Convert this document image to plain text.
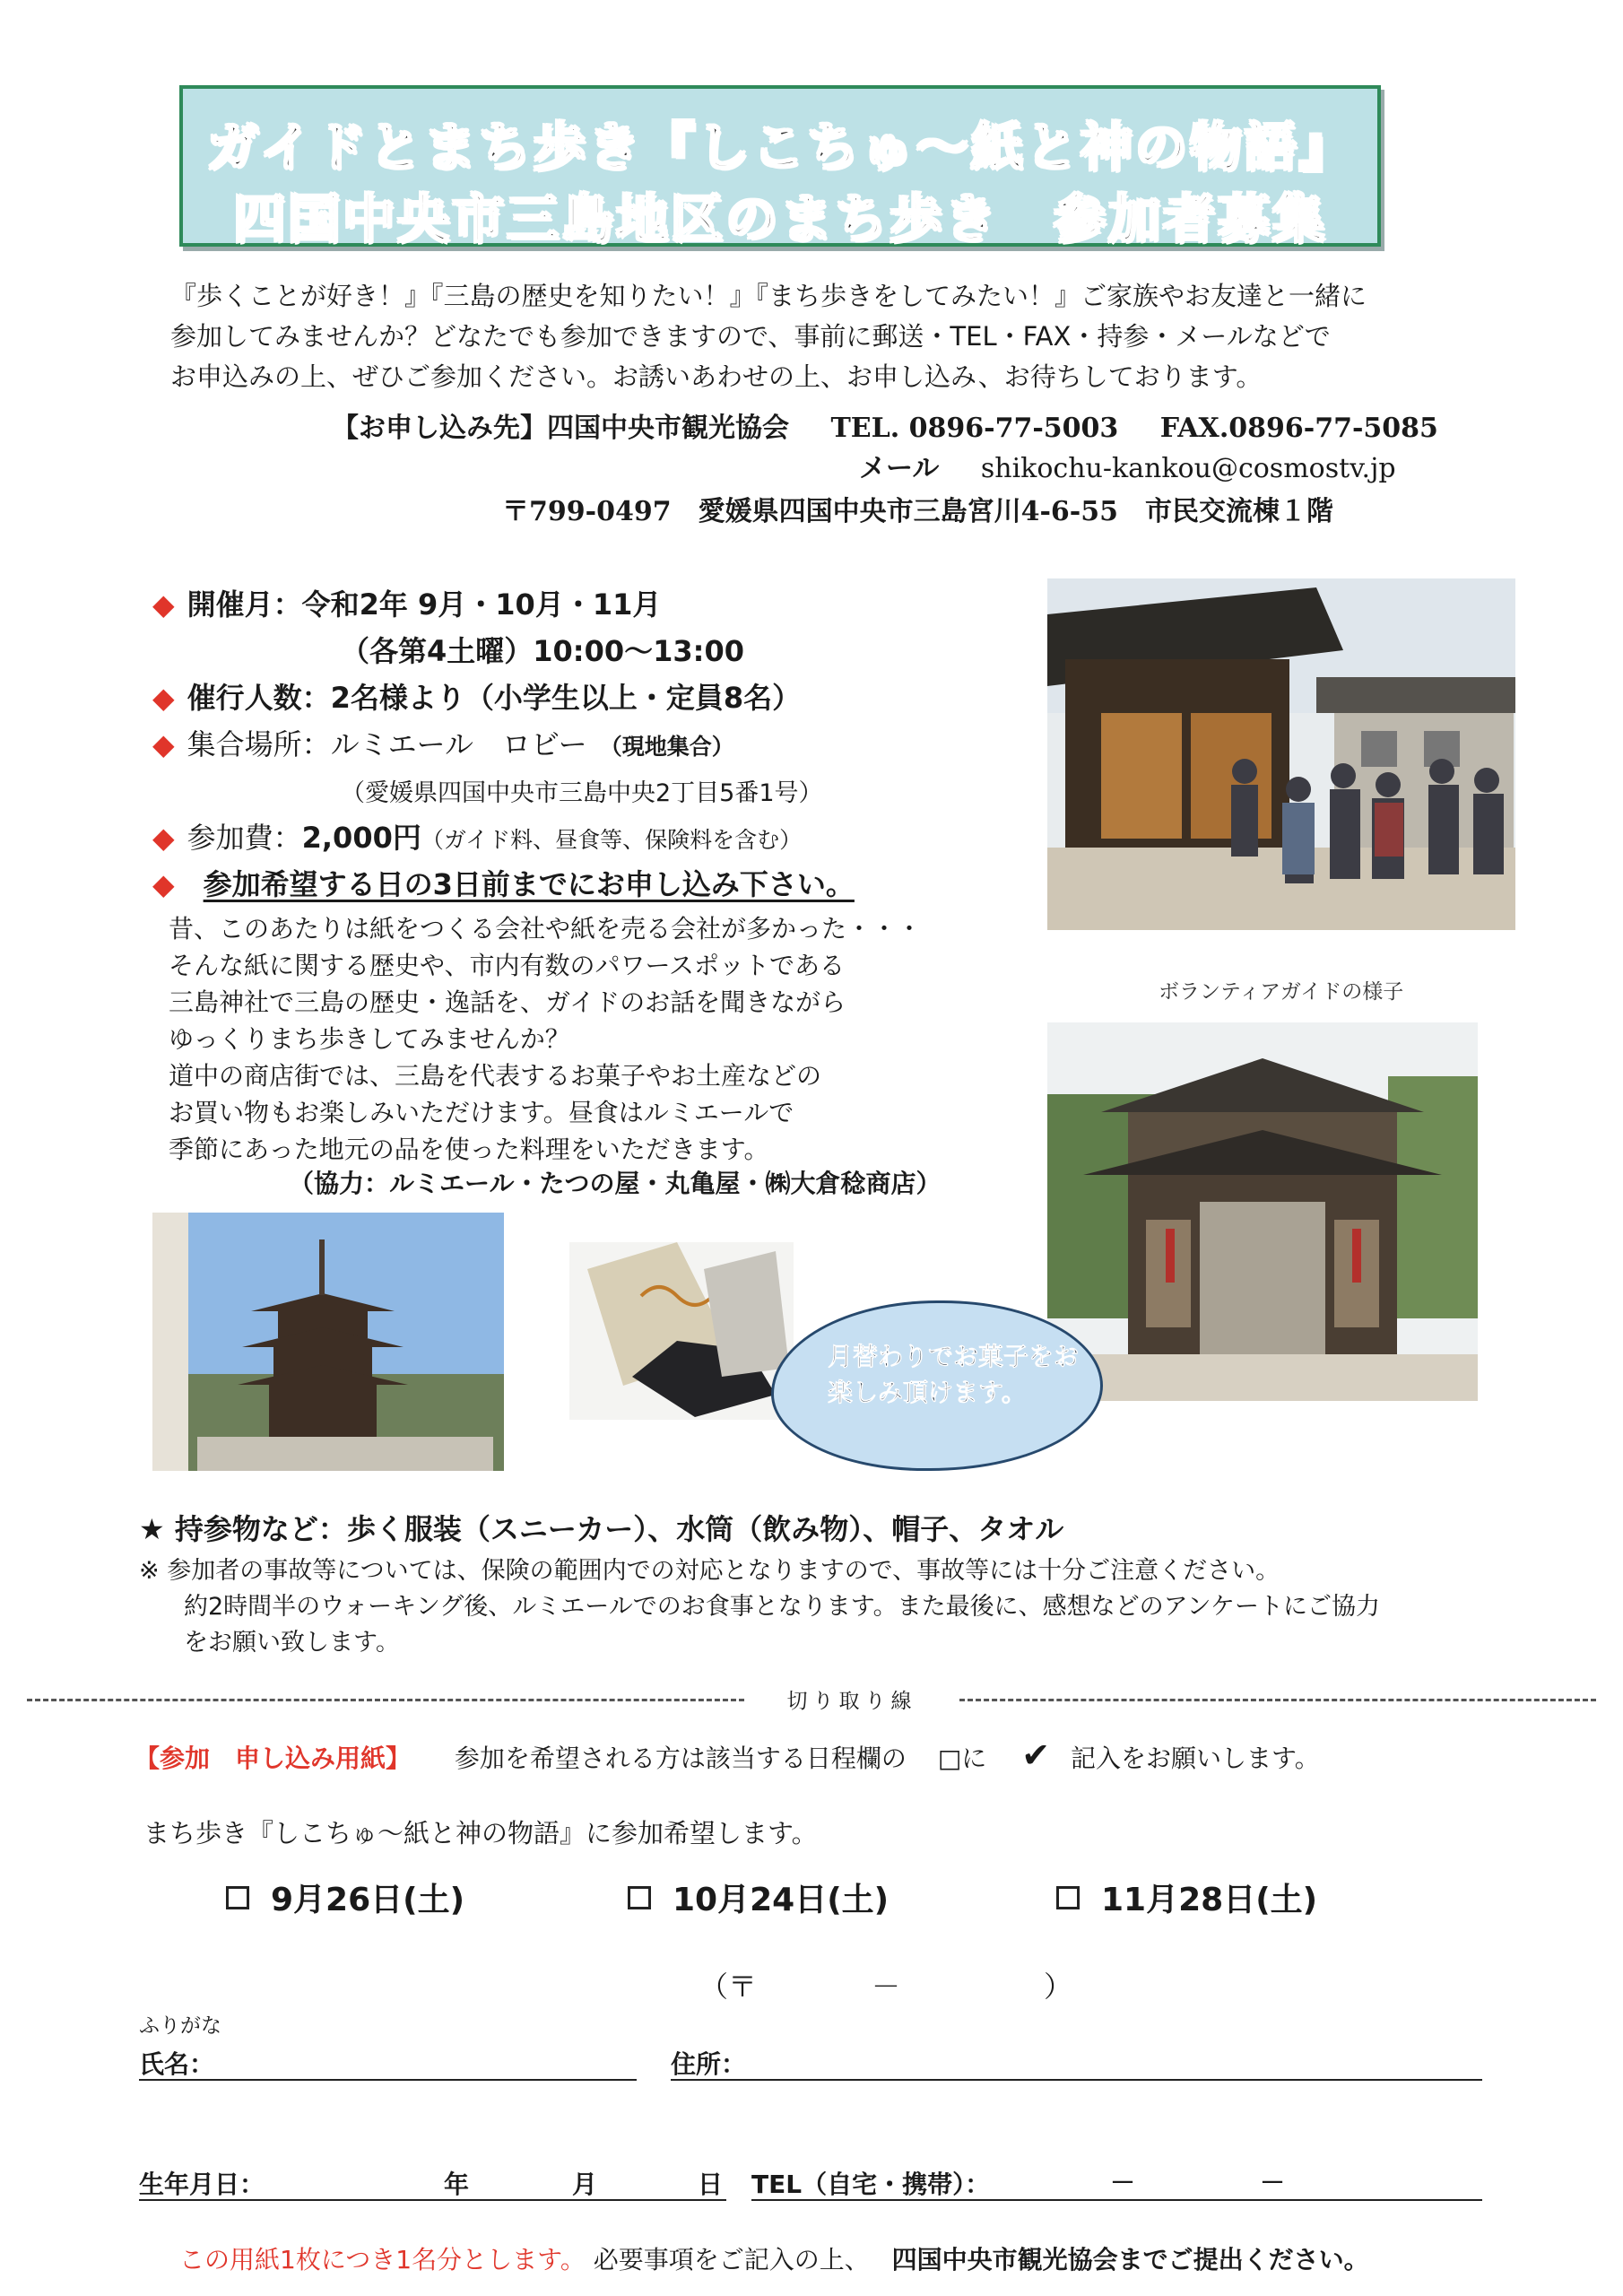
ガイドとまち歩き『しこちゅ〜紙と神の物語』
四国中央市三島地区のまち歩き　参加者募集
『歩くことが好き！』『三島の歴史を知りたい！』『まち歩きをしてみたい！』ご家族やお友達と一緒に
参加してみませんか？どなたでも参加できますので、事前に郵送・TEL・FAX・持参・メールなどで
お申込みの上、ぜひご参加ください。お誘いあわせの上、お申し込み、お待ちしております。
【お申し込み先】四国中央市観光協会 TEL. 0896-77-5003 FAX.0896-77-5085
メール shikochu-kankou@cosmostv.jp
〒799-0497　愛媛県四国中央市三島宮川4-6-55　市民交流棟１階
◆ 開催月：令和2年 9月・10月・11月
（各第4土曜）10:00〜13:00
◆ 催行人数：2名様より（小学生以上・定員8名）
◆ 集合場所：ルミエール　ロビー （現地集合）
（愛媛県四国中央市三島中央2丁目5番1号）
◆ 参加費：2,000円（ガイド料、昼食等、保険料を含む）
◆ 参加希望する日の3日前までにお申し込み下さい。
ボランティアガイドの様子
昔、このあたりは紙をつくる会社や紙を売る会社が多かった・・・
そんな紙に関する歴史や、市内有数のパワースポットである
三島神社で三島の歴史・逸話を、ガイドのお話を聞きながら
ゆっくりまち歩きしてみませんか？
道中の商店街では、三島を代表するお菓子やお土産などの
お買い物もお楽しみいただけます。昼食はルミエールで
季節にあった地元の品を使った料理をいただきます。
（協力：ルミエール・たつの屋・丸亀屋・㈱大倉稔商店）
月替わりでお菓子をお楽しみ頂けます。
★ 持参物など：歩く服装（スニーカー）、水筒（飲み物）、帽子、タオル
※ 参加者の事故等については、保険の範囲内での対応となりますので、事故等には十分ご注意ください。
約2時間半のウォーキング後、ルミエールでのお食事となります。また最後に、感想などのアンケートにご協力
をお願い致します。
切り取り線
【参加　申し込み用紙】 参加を希望される方は該当する日程欄の □に ✔ 記入をお願いします。
まち歩き『しこちゅ〜紙と神の物語』に参加希望します。
9月26日(土)	10月24日(土)	11月28日(土)
（〒　　　　－　　　　　）
ふりがな
氏名：	住所：
生年月日：	年	月	日 TEL（自宅・携帯）：	－	－
この用紙1枚につき1名分とします。 必要事項をご記入の上、 四国中央市観光協会までご提出ください。
